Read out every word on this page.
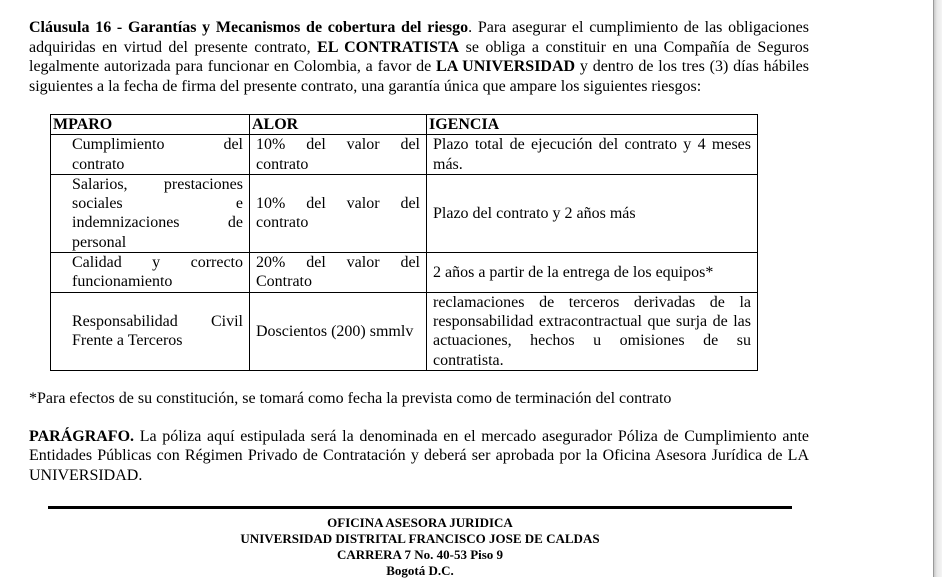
Cláusula 16 - Garantías y Mecanismos de cobertura del riesgo. Para asegurar el cumplimiento de las obligaciones adquiridas en virtud del presente contrato, EL CONTRATISTA se obliga a constituir en una Compañía de Seguros legalmente autorizada para funcionar en Colombia, a favor de LA UNIVERSIDAD y dentro de los tres (3) días hábiles siguientes a la fecha de firma del presente contrato, una garantía única que ampare los siguientes riesgos:

MPARO	ALOR	IGENCIA
Cumplimiento del contrato	10% del valor del contrato	Plazo total de ejecución del contrato y 4 meses más.
Salarios, prestaciones sociales e indemnizaciones de personal	10% del valor del contrato	Plazo del contrato y 2 años más
Calidad y correcto funcionamiento	20% del valor del Contrato	2 años a partir de la entrega de los equipos*
Responsabilidad Civil Frente a Terceros	Doscientos (200) smmlv	reclamaciones de terceros derivadas de la responsabilidad extracontractual que surja de las actuaciones, hechos u omisiones de su contratista.

*Para efectos de su constitución, se tomará como fecha la prevista como de terminación del contrato

PARÁGRAFO. La póliza aquí estipulada será la denominada en el mercado asegurador Póliza de Cumplimiento ante Entidades Públicas con Régimen Privado de Contratación y deberá ser aprobada por la Oficina Asesora Jurídica de LA UNIVERSIDAD.

OFICINA ASESORA JURIDICA
UNIVERSIDAD DISTRITAL FRANCISCO JOSE DE CALDAS
CARRERA 7 No. 40-53 Piso 9
Bogotá D.C.
